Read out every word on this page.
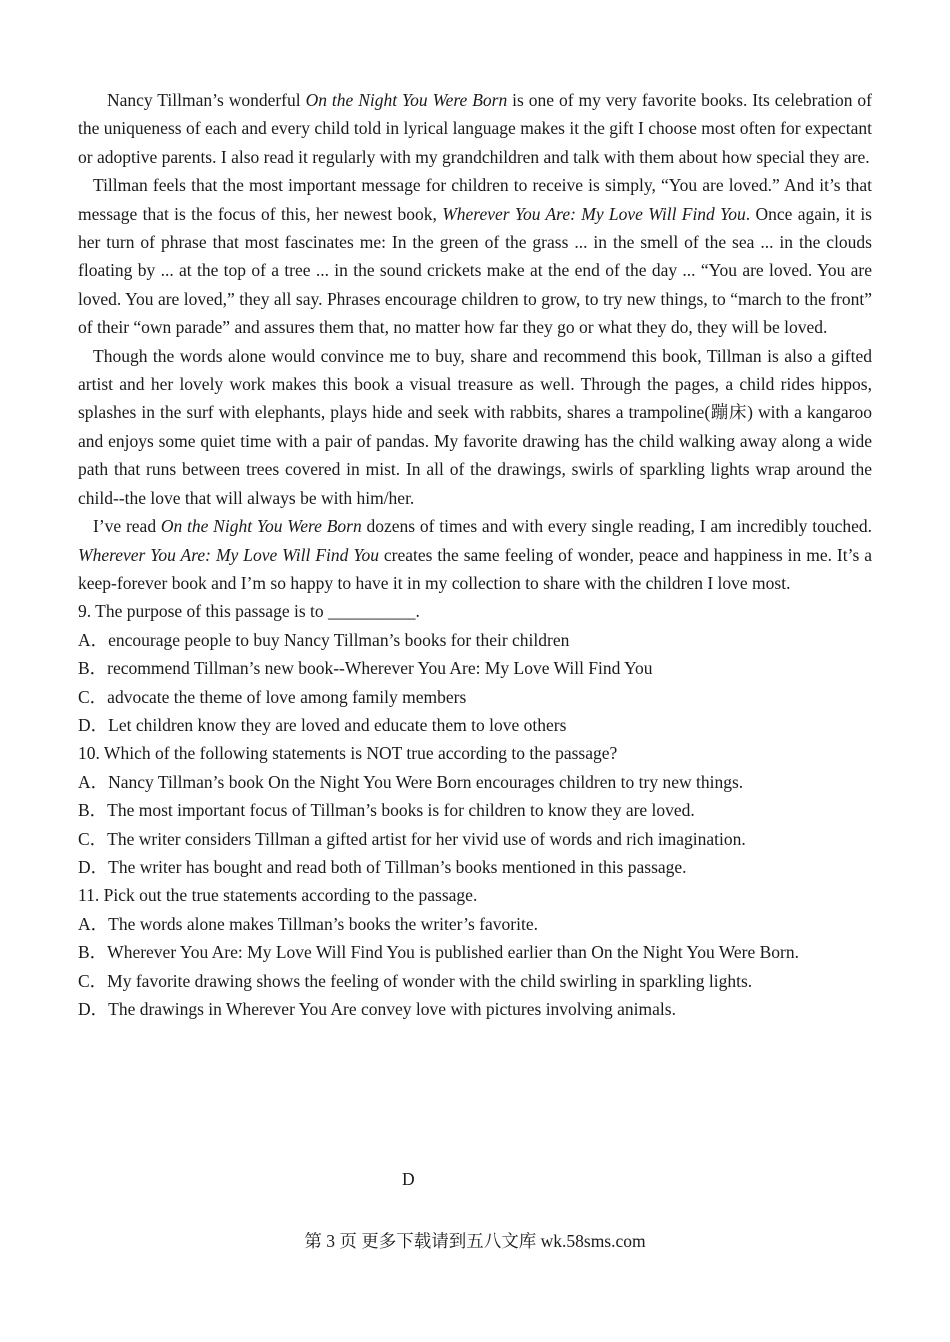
Nancy Tillman’s wonderful On the Night You Were Born is one of my very favorite books. Its celebration of the uniqueness of each and every child told in lyrical language makes it the gift I choose most often for expectant or adoptive parents. I also read it regularly with my grandchildren and talk with them about how special they are.

Tillman feels that the most important message for children to receive is simply, “You are loved.” And it’s that message that is the focus of this, her newest book, Wherever You Are: My Love Will Find You. Once again, it is her turn of phrase that most fascinates me: In the green of the grass ... in the smell of the sea ... in the clouds floating by ... at the top of a tree ... in the sound crickets make at the end of the day ... “You are loved. You are loved. You are loved,” they all say. Phrases encourage children to grow, to try new things, to “march to the front” of their “own parade” and assures them that, no matter how far they go or what they do, they will be loved.

Though the words alone would convince me to buy, share and recommend this book, Tillman is also a gifted artist and her lovely work makes this book a visual treasure as well. Through the pages, a child rides hippos, splashes in the surf with elephants, plays hide and seek with rabbits, shares a trampoline(蹦床) with a kangaroo and enjoys some quiet time with a pair of pandas. My favorite drawing has the child walking away along a wide path that runs between trees covered in mist. In all of the drawings, swirls of sparkling lights wrap around the child--the love that will always be with him/her.

I’ve read On the Night You Were Born dozens of times and with every single reading, I am incredibly touched. Wherever You Are: My Love Will Find You creates the same feeling of wonder, peace and happiness in me. It’s a keep-forever book and I’m so happy to have it in my collection to share with the children I love most.

9. The purpose of this passage is to __________.

A．encourage people to buy Nancy Tillman’s books for their children

B．recommend Tillman’s new book--Wherever You Are: My Love Will Find You

C．advocate the theme of love among family members

D．Let children know they are loved and educate them to love others

10. Which of the following statements is NOT true according to the passage?

A．Nancy Tillman’s book On the Night You Were Born encourages children to try new things.

B．The most important focus of Tillman’s books is for children to know they are loved.

C．The writer considers Tillman a gifted artist for her vivid use of words and rich imagination.

D．The writer has bought and read both of Tillman’s books mentioned in this passage.

11. Pick out the true statements according to the passage.

A．The words alone makes Tillman’s books the writer’s favorite.

B．Wherever You Are: My Love Will Find You is published earlier than On the Night You Were Born.

C．My favorite drawing shows the feeling of wonder with the child swirling in sparkling lights.

D．The drawings in Wherever You Are convey love with pictures involving animals.

D
第 3 页 更多下载请到五八文库 wk.58sms.com
